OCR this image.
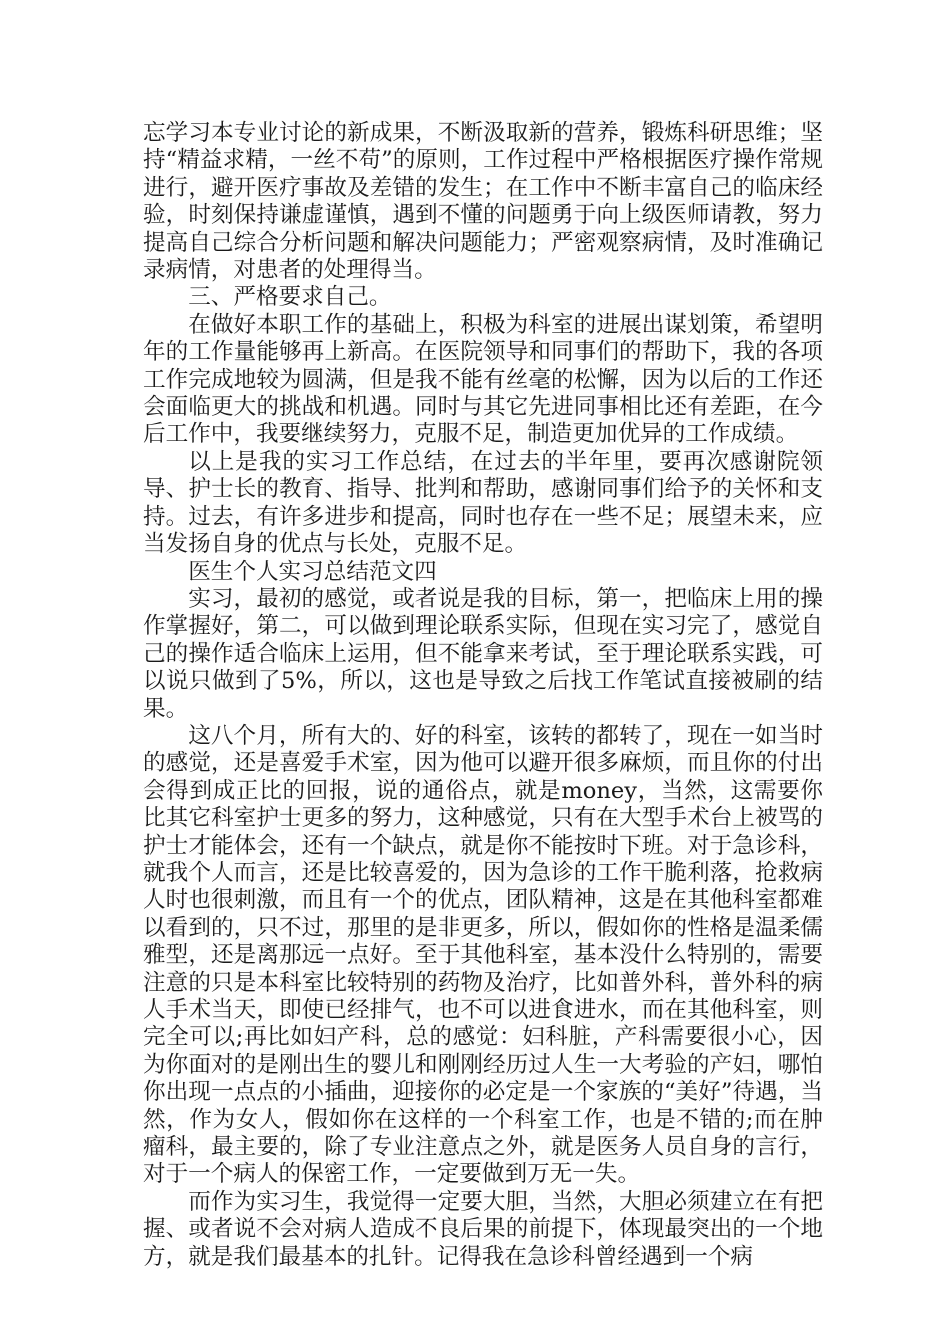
忘学习本专业讨论的新成果，不断汲取新的营养，锻炼科研思维；坚持“精益求精，一丝不苟”的原则，工作过程中严格根据医疗操作常规进行，避开医疗事故及差错的发生；在工作中不断丰富自己的临床经验，时刻保持谦虚谨慎，遇到不懂的问题勇于向上级医师请教，努力提高自己综合分析问题和解决问题能力；严密观察病情，及时准确记录病情，对患者的处理得当。

三、严格要求自己。

在做好本职工作的基础上，积极为科室的进展出谋划策，希望明年的工作量能够再上新高。在医院领导和同事们的帮助下，我的各项工作完成地较为圆满，但是我不能有丝毫的松懈，因为以后的工作还会面临更大的挑战和机遇。同时与其它先进同事相比还有差距，在今后工作中，我要继续努力，克服不足，制造更加优异的工作成绩。

以上是我的实习工作总结，在过去的半年里，要再次感谢院领导、护士长的教育、指导、批判和帮助，感谢同事们给予的关怀和支持。过去，有许多进步和提高，同时也存在一些不足；展望未来，应当发扬自身的优点与长处，克服不足。

医生个人实习总结范文四

实习，最初的感觉，或者说是我的目标，第一，把临床上用的操作掌握好，第二，可以做到理论联系实际，但现在实习完了，感觉自己的操作适合临床上运用，但不能拿来考试，至于理论联系实践，可以说只做到了5%，所以，这也是导致之后找工作笔试直接被刷的结果。

这八个月，所有大的、好的科室，该转的都转了，现在一如当时的感觉，还是喜爱手术室，因为他可以避开很多麻烦，而且你的付出会得到成正比的回报，说的通俗点，就是money，当然，这需要你比其它科室护士更多的努力，这种感觉，只有在大型手术台上被骂的护士才能体会，还有一个缺点，就是你不能按时下班。对于急诊科，就我个人而言，还是比较喜爱的，因为急诊的工作干脆利落，抢救病人时也很刺激，而且有一个的优点，团队精神，这是在其他科室都难以看到的，只不过，那里的是非更多，所以，假如你的性格是温柔儒雅型，还是离那远一点好。至于其他科室，基本没什么特别的，需要注意的只是本科室比较特别的药物及治疗，比如普外科，普外科的病人手术当天，即使已经排气，也不可以进食进水，而在其他科室，则完全可以;再比如妇产科，总的感觉：妇科脏，产科需要很小心，因为你面对的是刚出生的婴儿和刚刚经历过人生一大考验的产妇，哪怕你出现一点点的小插曲，迎接你的必定是一个家族的“美好”待遇，当然，作为女人，假如你在这样的一个科室工作，也是不错的;而在肿瘤科，最主要的，除了专业注意点之外，就是医务人员自身的言行，对于一个病人的保密工作，一定要做到万无一失。

而作为实习生，我觉得一定要大胆，当然，大胆必须建立在有把握、或者说不会对病人造成不良后果的前提下，体现最突出的一个地方，就是我们最基本的扎针。记得我在急诊科曾经遇到一个病
